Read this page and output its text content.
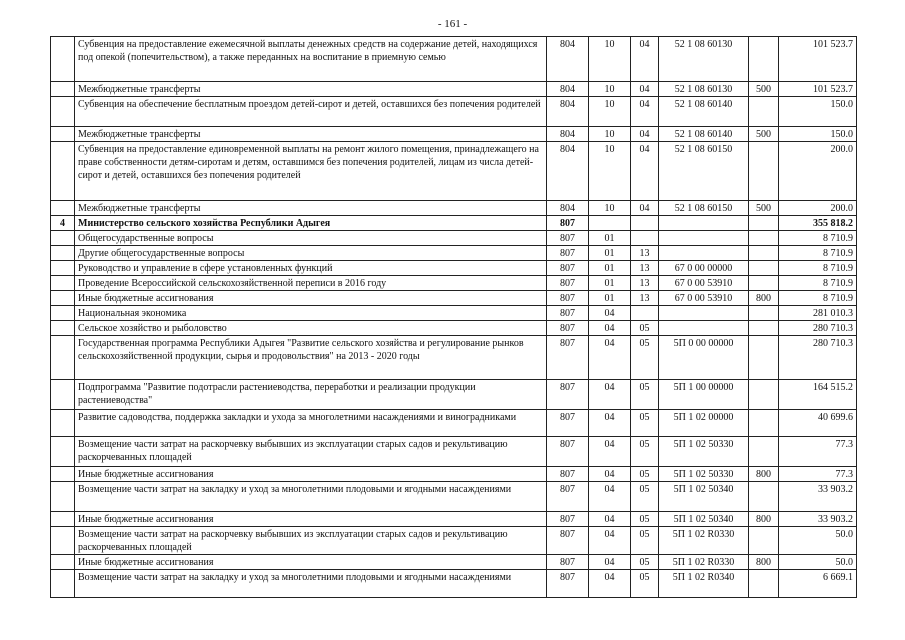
- 161 -
	Субвенция на предоставление ежемесячной выплаты денежных средств на содержание детей, находящихся под опекой (попечительством), а также переданных на воспитание в приемную семью	804	10	04	52 1 08 60130		101 523.7
	Межбюджетные трансферты	804	10	04	52 1 08 60130	500	101 523.7
	Субвенция на обеспечение бесплатным проездом детей-сирот и детей, оставшихся без попечения родителей	804	10	04	52 1 08 60140		150.0
	Межбюджетные трансферты	804	10	04	52 1 08 60140	500	150.0
	Субвенция на предоставление единовременной выплаты на ремонт жилого помещения, принадлежащего на праве собственности детям-сиротам и детям, оставшимся без попечения родителей, лицам из числа детей-сирот и детей, оставшихся без попечения родителей	804	10	04	52 1 08 60150		200.0
	Межбюджетные трансферты	804	10	04	52 1 08 60150	500	200.0
4	Министерство сельского хозяйства Республики Адыгея	807					355 818.2
	Общегосударственные вопросы	807	01				8 710.9
	Другие общегосударственные вопросы	807	01	13			8 710.9
	Руководство и управление в сфере установленных функций	807	01	13	67 0 00 00000		8 710.9
	Проведение Всероссийской сельскохозяйственной переписи в 2016 году	807	01	13	67 0 00 53910		8 710.9
	Иные бюджетные ассигнования	807	01	13	67 0 00 53910	800	8 710.9
	Национальная экономика	807	04				281 010.3
	Сельское хозяйство и рыболовство	807	04	05			280 710.3
	Государственная программа Республики Адыгея "Развитие сельского хозяйства и регулирование рынков сельскохозяйственной продукции, сырья и продовольствия" на 2013 - 2020 годы	807	04	05	5П 0 00 00000		280 710.3
	Подпрограмма "Развитие подотрасли растениеводства, переработки и реализации продукции растениеводства"	807	04	05	5П 1 00 00000		164 515.2
	Развитие садоводства, поддержка закладки и ухода за многолетними насаждениями и виноградниками	807	04	05	5П 1 02 00000		40 699.6
	Возмещение части затрат на раскорчевку выбывших из эксплуатации старых садов и рекультивацию раскорчеванных площадей	807	04	05	5П 1 02 50330		77.3
	Иные бюджетные ассигнования	807	04	05	5П 1 02 50330	800	77.3
	Возмещение части затрат на закладку и уход за многолетними плодовыми и ягодными насаждениями	807	04	05	5П 1 02 50340		33 903.2
	Иные бюджетные ассигнования	807	04	05	5П 1 02 50340	800	33 903.2
	Возмещение части затрат на раскорчевку выбывших из эксплуатации старых садов и рекультивацию раскорчеванных площадей	807	04	05	5П 1 02 R0330		50.0
	Иные бюджетные ассигнования	807	04	05	5П 1 02 R0330	800	50.0
	Возмещение части затрат на закладку и уход за многолетними плодовыми и ягодными насаждениями	807	04	05	5П 1 02 R0340		6 669.1
